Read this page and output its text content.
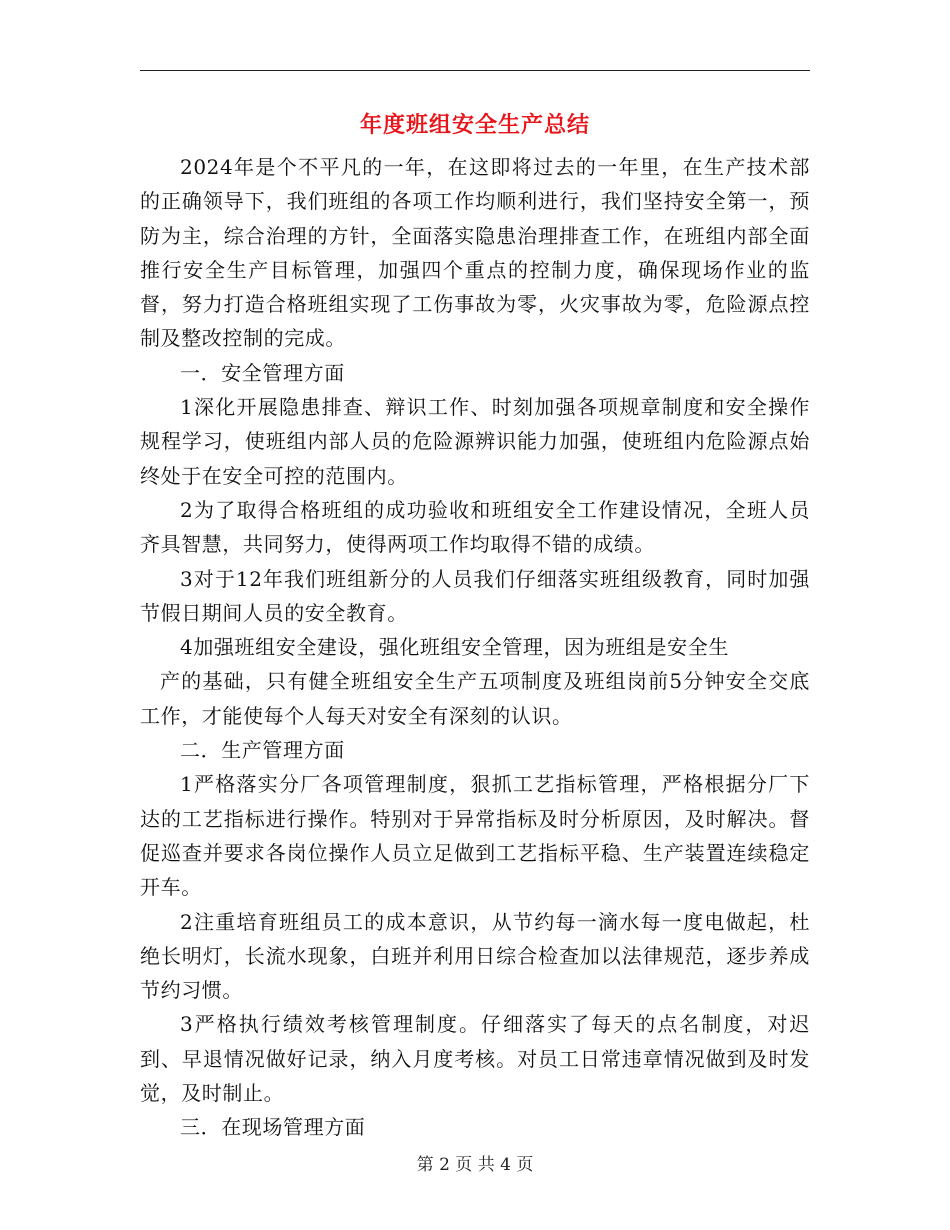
年度班组安全生产总结

2024年是个不平凡的一年，在这即将过去的一年里，在生产技术部的正确领导下，我们班组的各项工作均顺利进行，我们坚持安全第一，预防为主，综合治理的方针，全面落实隐患治理排查工作，在班组内部全面推行安全生产目标管理，加强四个重点的控制力度，确保现场作业的监督，努力打造合格班组实现了工伤事故为零，火灾事故为零，危险源点控制及整改控制的完成。

一．安全管理方面

1深化开展隐患排查、辩识工作、时刻加强各项规章制度和安全操作规程学习，使班组内部人员的危险源辨识能力加强，使班组内危险源点始终处于在安全可控的范围内。

2为了取得合格班组的成功验收和班组安全工作建设情况，全班人员齐具智慧，共同努力，使得两项工作均取得不错的成绩。

3对于12年我们班组新分的人员我们仔细落实班组级教育，同时加强节假日期间人员的安全教育。

4加强班组安全建设，强化班组安全管理，因为班组是安全生

产的基础，只有健全班组安全生产五项制度及班组岗前5分钟安全交底工作，才能使每个人每天对安全有深刻的认识。

二．生产管理方面

1严格落实分厂各项管理制度，狠抓工艺指标管理，严格根据分厂下达的工艺指标进行操作。特别对于异常指标及时分析原因，及时解决。督促巡查并要求各岗位操作人员立足做到工艺指标平稳、生产装置连续稳定开车。

2注重培育班组员工的成本意识，从节约每一滴水每一度电做起，杜绝长明灯，长流水现象，白班并利用日综合检查加以法律规范，逐步养成节约习惯。

3严格执行绩效考核管理制度。仔细落实了每天的点名制度，对迟到、早退情况做好记录，纳入月度考核。对员工日常违章情况做到及时发觉，及时制止。

三．在现场管理方面

第 2 页 共 4 页
